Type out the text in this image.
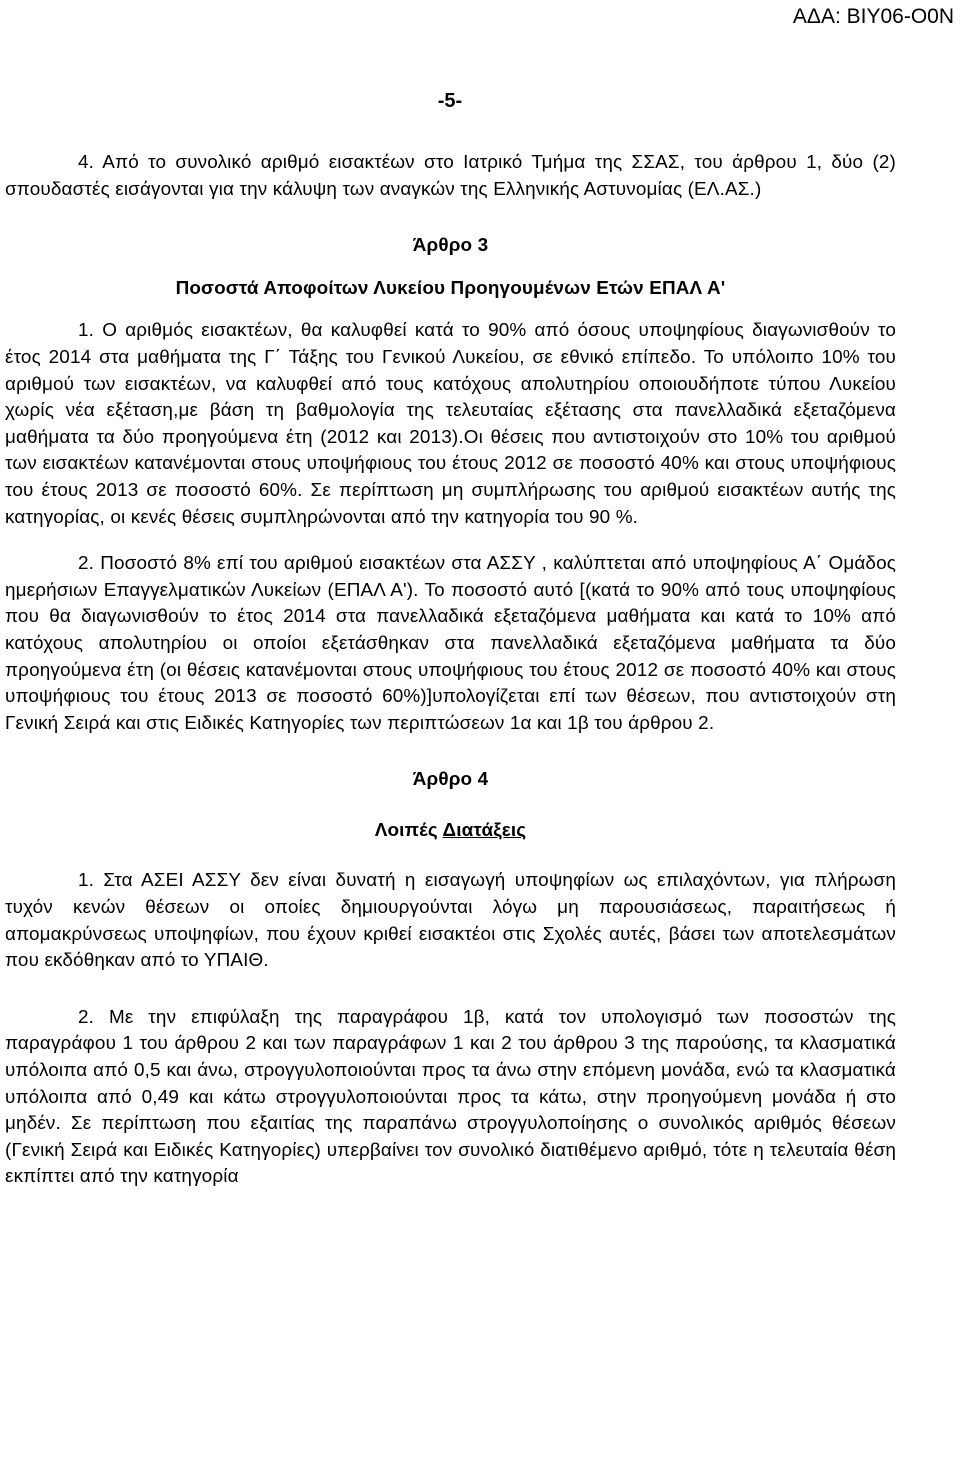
ΑΔΑ: ΒΙΥ06-Ο0Ν
-5-

4. Από το συνολικό αριθμό εισακτέων στο Ιατρικό Τμήμα της ΣΣΑΣ, του άρθρου 1, δύο (2) σπουδαστές εισάγονται για την κάλυψη των αναγκών της Ελληνικής Αστυνομίας (ΕΛ.ΑΣ.)

Άρθρο 3

Ποσοστά Αποφοίτων Λυκείου Προηγουμένων Ετών ΕΠΑΛ Α'

1. Ο αριθμός εισακτέων, θα καλυφθεί κατά το 90% από όσους υποψηφίους διαγωνισθούν το έτος 2014 στα μαθήματα της Γ΄ Τάξης του Γενικού Λυκείου, σε εθνικό επίπεδο. Το υπόλοιπο 10% του αριθμού των εισακτέων, να καλυφθεί από τους κατόχους απολυτηρίου οποιουδήποτε τύπου Λυκείου χωρίς νέα εξέταση,με βάση τη βαθμολογία της τελευταίας εξέτασης στα πανελλαδικά εξεταζόμενα μαθήματα τα δύο προηγούμενα έτη (2012 και 2013).Οι θέσεις που αντιστοιχούν στο 10% του αριθμού των εισακτέων κατανέμονται στους υποψήφιους του έτους 2012 σε ποσοστό 40% και στους υποψήφιους του έτους 2013 σε ποσοστό 60%. Σε περίπτωση μη συμπλήρωσης του αριθμού εισακτέων αυτής της κατηγορίας, οι κενές θέσεις συμπληρώνονται από την κατηγορία του 90 %.

2. Ποσοστό 8% επί του αριθμού εισακτέων στα ΑΣΣΥ , καλύπτεται από υποψηφίους Α΄ Ομάδος ημερήσιων Επαγγελματικών Λυκείων (ΕΠΑΛ Α'). Το ποσοστό αυτό [(κατά το 90% από τους υποψηφίους που θα διαγωνισθούν το έτος 2014 στα πανελλαδικά εξεταζόμενα μαθήματα και κατά το 10% από κατόχους απολυτηρίου οι οποίοι εξετάσθηκαν στα πανελλαδικά εξεταζόμενα μαθήματα τα δύο προηγούμενα έτη (οι θέσεις κατανέμονται στους υποψήφιους του έτους 2012 σε ποσοστό 40% και στους υποψήφιους του έτους 2013 σε ποσοστό 60%)]υπολογίζεται επί των θέσεων, που αντιστοιχούν στη Γενική Σειρά και στις Ειδικές Κατηγορίες των περιπτώσεων 1α και 1β του άρθρου 2.

Άρθρο 4

Λοιπές Διατάξεις

1. Στα ΑΣΕΙ ΑΣΣΥ δεν είναι δυνατή η εισαγωγή υποψηφίων ως επιλαχόντων, για πλήρωση τυχόν κενών θέσεων οι οποίες δημιουργούνται λόγω μη παρουσιάσεως, παραιτήσεως ή απομακρύνσεως υποψηφίων, που έχουν κριθεί εισακτέοι στις Σχολές αυτές, βάσει των αποτελεσμάτων που εκδόθηκαν από το ΥΠΑΙΘ.

2. Με την επιφύλαξη της παραγράφου 1β, κατά τον υπολογισμό των ποσοστών της παραγράφου 1 του άρθρου 2 και των παραγράφων 1 και 2 του άρθρου 3 της παρούσης, τα κλασματικά υπόλοιπα από 0,5 και άνω, στρογγυλοποιούνται προς τα άνω στην επόμενη μονάδα, ενώ τα κλασματικά υπόλοιπα από 0,49 και κάτω στρογγυλοποιούνται προς τα κάτω, στην προηγούμενη μονάδα ή στο μηδέν. Σε περίπτωση που εξαιτίας της παραπάνω στρογγυλοποίησης ο συνολικός αριθμός θέσεων (Γενική Σειρά και Ειδικές Κατηγορίες) υπερβαίνει τον συνολικό διατιθέμενο αριθμό, τότε η τελευταία θέση εκπίπτει από την κατηγορία
